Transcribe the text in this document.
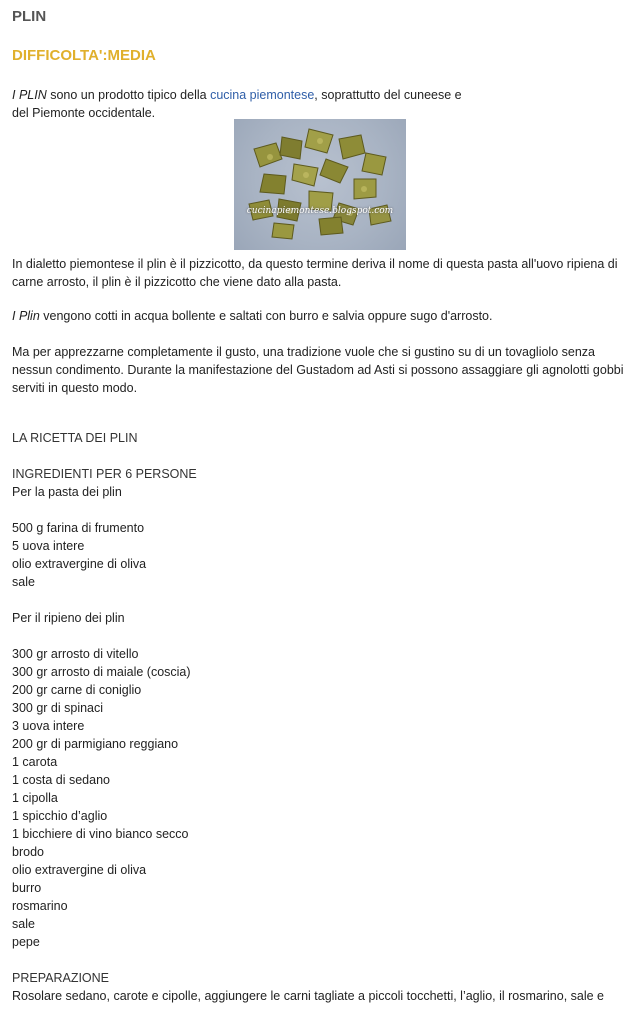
PLIN
DIFFICOLTA':MEDIA

I PLIN sono un prodotto tipico della cucina piemontese, soprattutto del cuneese e
del Piemonte occidentale.

cucinapiemontese.blogspot.com

In dialetto piemontese il plin è il pizzicotto, da questo termine deriva il nome di questa pasta all'uovo ripiena di carne arrosto, il plin è il pizzicotto che viene dato alla pasta.

I Plin vengono cotti in acqua bollente e saltati con burro e salvia oppure sugo d'arrosto.

Ma per apprezzarne completamente il gusto, una tradizione vuole che si gustino su di un tovagliolo senza nessun condimento. Durante la manifestazione del Gustadom ad Asti si possono assaggiare gli agnolotti gobbi serviti in questo modo.

LA RICETTA DEI PLIN
INGREDIENTI PER 6 PERSONE
Per la pasta dei plin
500 g farina di frumento
5 uova intere
olio extravergine di oliva
sale
Per il ripieno dei plin
300 gr arrosto di vitello
300 gr arrosto di maiale (coscia)
200 gr carne di coniglio
300 gr di spinaci
3 uova intere
200 gr di parmigiano reggiano
1 carota
1 costa di sedano
1 cipolla
1 spicchio d’aglio
1 bicchiere di vino bianco secco
brodo
olio extravergine di oliva
burro
rosmarino
sale
pepe
PREPARAZIONE
Rosolare sedano, carote e cipolle, aggiungere le carni tagliate a piccoli tocchetti, l’aglio, il rosmarino, sale e
